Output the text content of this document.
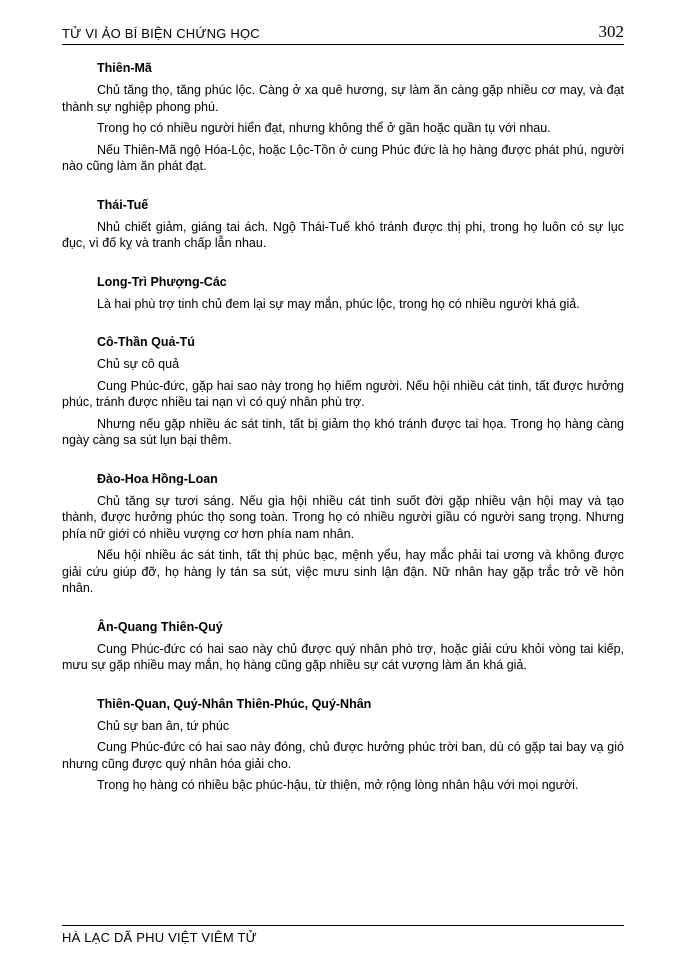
TỬ VI ẢO BÍ BIỆN CHỨNG HỌC	302

Thiên-Mã

Chủ tăng thọ, tăng phúc lộc. Càng ở xa quê hương, sự làm ăn càng gặp nhiều cơ may, và đạt thành sự nghiệp phong phú.

Trong họ có nhiều người hiển đạt, nhưng không thể ở gần hoặc quần tụ với nhau.

Nếu Thiên-Mã ngộ Hóa-Lộc, hoặc Lộc-Tồn ở cung Phúc đức là họ hàng được phát phú, người nào cũng làm ăn phát đạt.

Thái-Tuế

Nhủ chiết giảm, giáng tai ách. Ngộ Thái-Tuế khó tránh được thị phi, trong họ luôn có sự lục đục, vì đố kỵ và tranh chấp lẫn nhau.

Long-Trì Phượng-Các

Là hai phù trợ tinh chủ đem lại sự may mắn, phúc lộc, trong họ có nhiều người khá giả.

Cô-Thần Quả-Tú

Chủ sự cô quả

Cung Phúc-đức, gặp hai sao này trong họ hiếm người. Nếu hội nhiều cát tinh, tất được hưởng phúc, tránh được nhiều tai nạn vì có quý nhân phù trợ.

Nhưng nếu gặp nhiều ác sát tinh, tất bị giảm thọ khó tránh được tai họa. Trong họ hàng càng ngày càng sa sút lụn bại thêm.

Đào-Hoa Hồng-Loan

Chủ tăng sự tươi sáng. Nếu gia hội nhiều cát tinh suốt đời gặp nhiều vận hội may và tạo thành, được hưởng phúc thọ song toàn. Trong họ có nhiều người giầu có người sang trọng. Nhưng phía nữ giới có nhiều vượng cơ hơn phía nam nhân.

Nếu hội nhiều ác sát tinh, tất thị phúc bạc, mệnh yểu, hay mắc phải tai ương và không được giải cứu giúp đỡ, họ hàng ly tán sa sút, việc mưu sinh lận đận. Nữ nhân hay gặp trắc trở về hôn nhân.

Ân-Quang Thiên-Quý

Cung Phúc-đức có hai sao này chủ được quý nhân phò trợ, hoặc giải cứu khỏi vòng tai kiếp, mưu sự gặp nhiều may mắn, họ hàng cũng gặp nhiều sự cát vượng làm ăn khá giả.

Thiên-Quan, Quý-Nhân Thiên-Phúc, Quý-Nhân

Chủ sự ban ân, tứ phúc

Cung Phúc-đức có hai sao này đóng, chủ được hưởng phúc trời ban, dù có gặp tai bay vạ gió nhưng cũng được quý nhân hóa giải cho.

Trong họ hàng có nhiều bậc phúc-hậu, từ thiện, mở rộng lòng nhân hậu với mọi người.

HÀ LẠC DÃ PHU VIỆT VIÊM TỬ
